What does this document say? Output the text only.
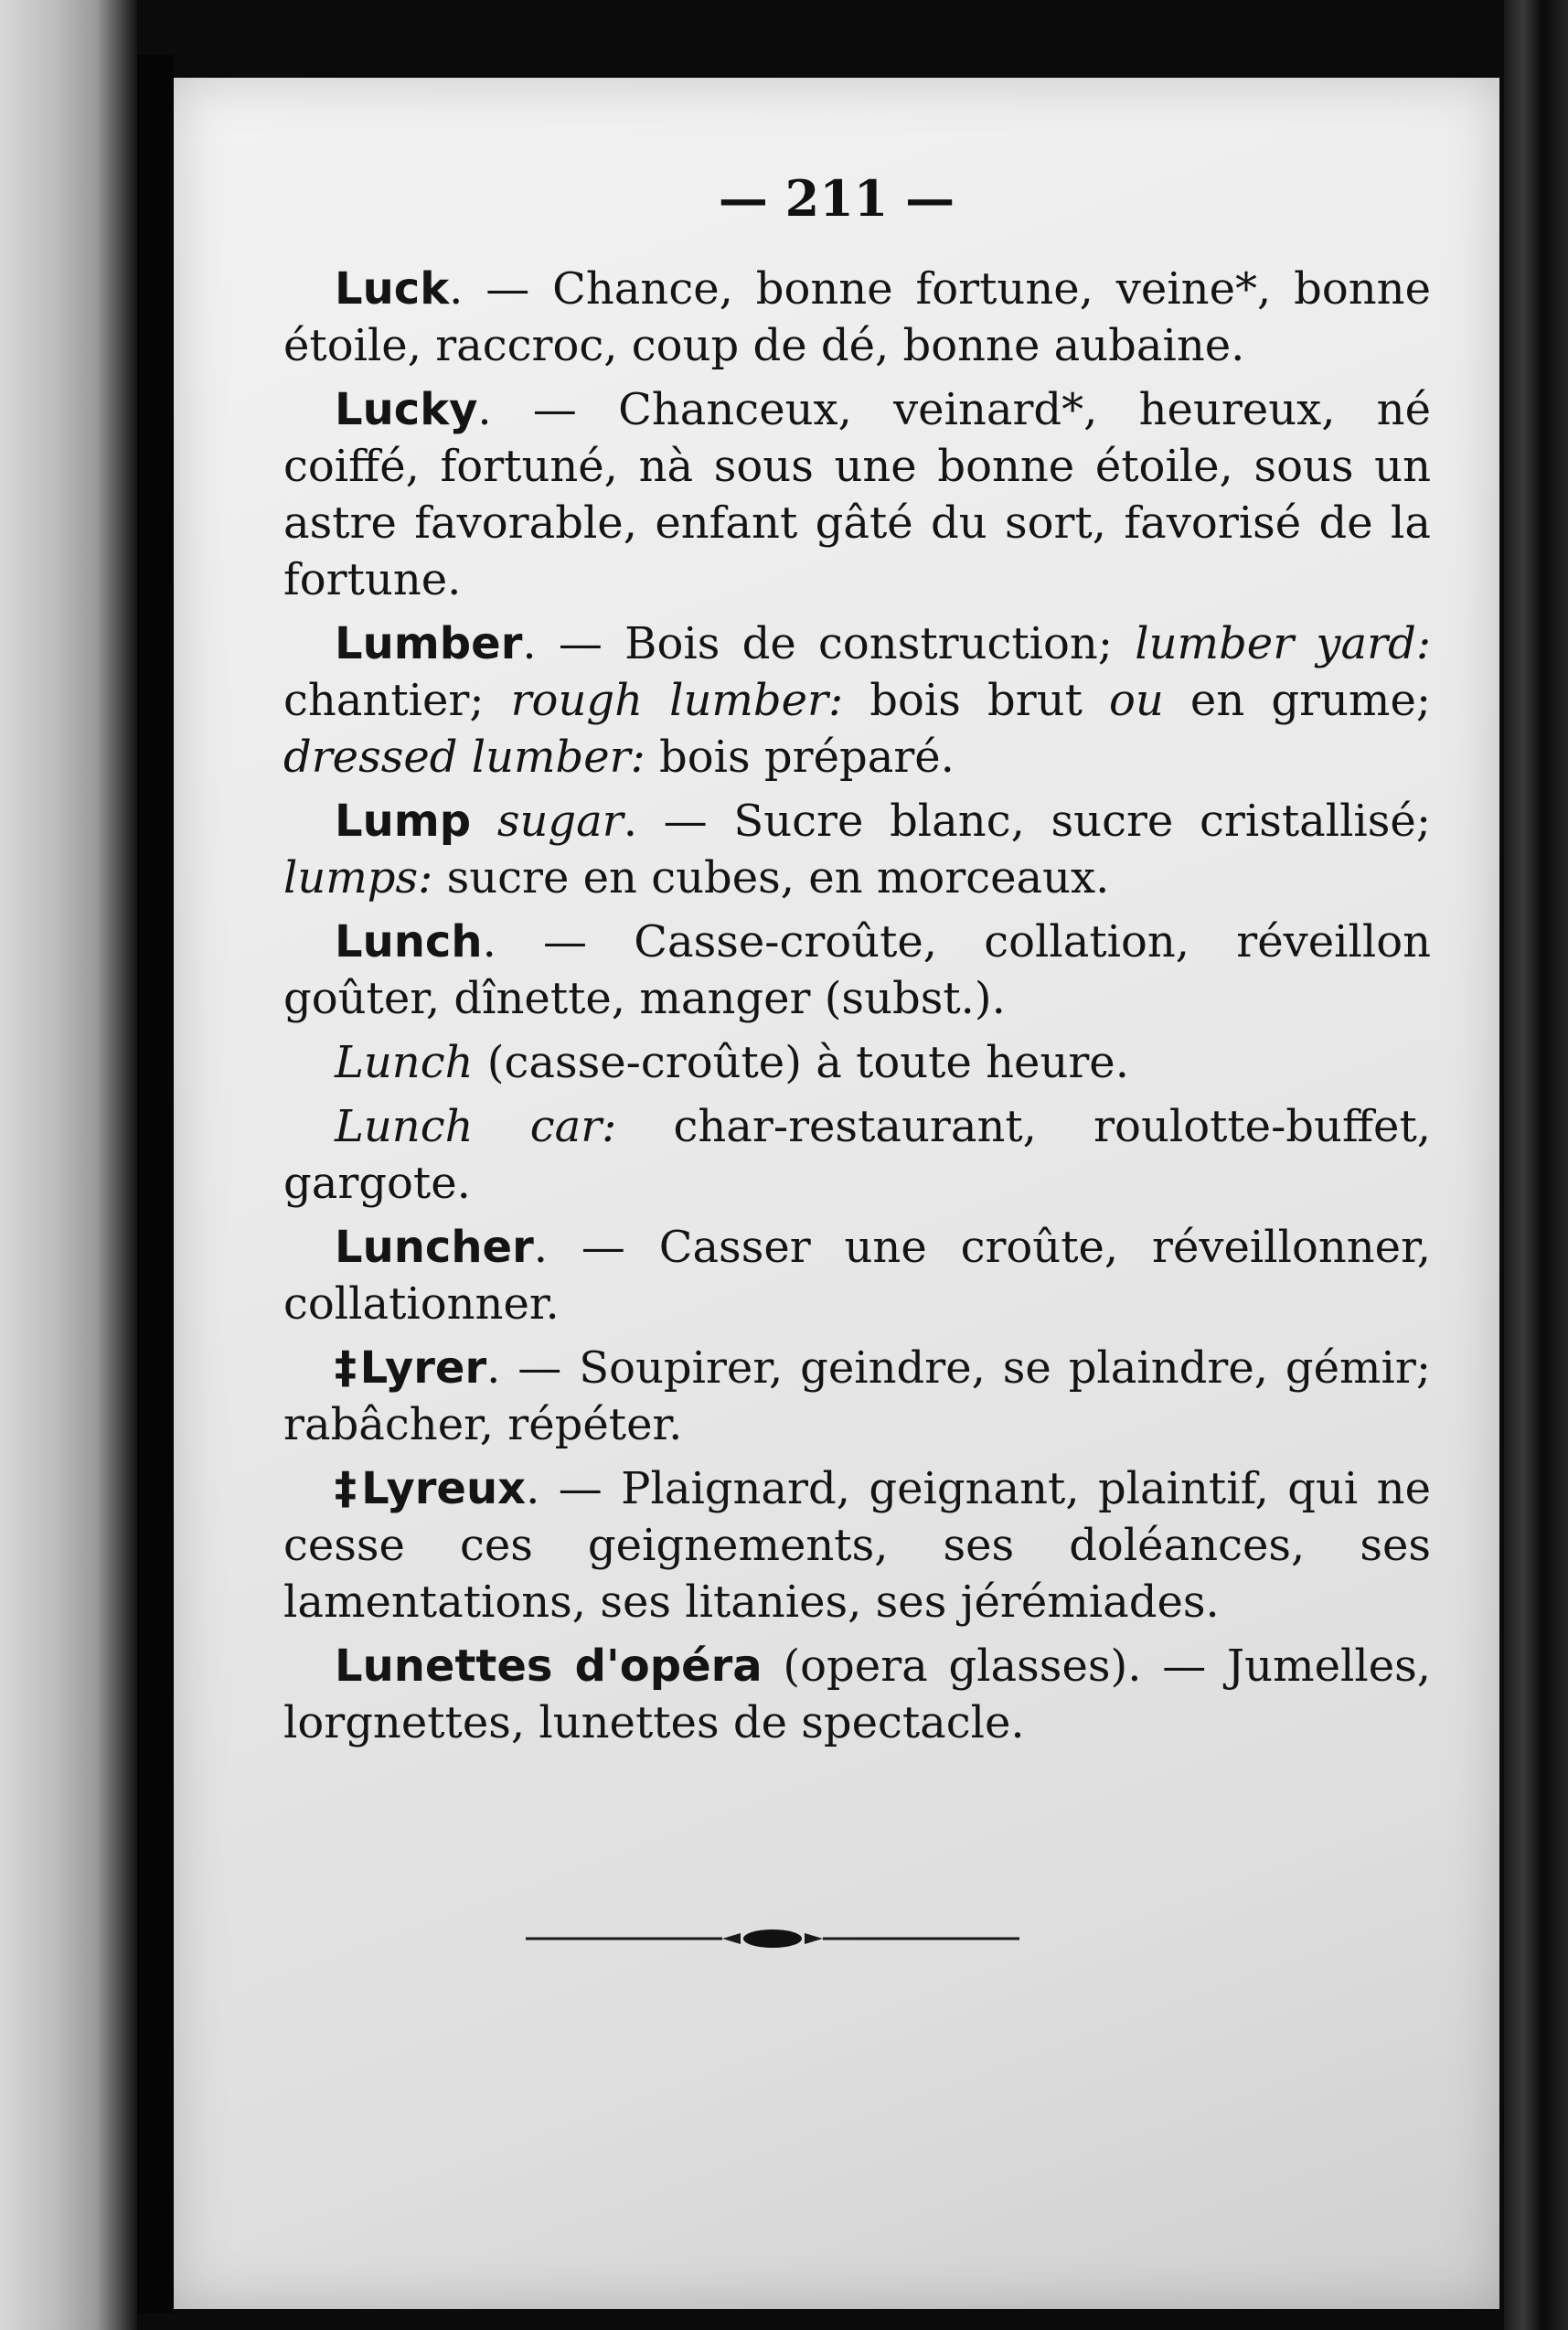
— 211 —

Luck. — Chance, bonne fortune, veine*, bonne étoile, raccroc, coup de dé, bonne aubaine.

Lucky. — Chanceux, veinard*, heureux, né coiffé, fortuné, nà sous une bonne étoile, sous un astre favorable, enfant gâté du sort, favorisé de la fortune.

Lumber. — Bois de construction; lumber yard: chantier; rough lumber: bois brut ou en grume; dressed lumber: bois préparé.

Lump sugar. — Sucre blanc, sucre cristallisé; lumps: sucre en cubes, en morceaux.

Lunch. — Casse-croûte, collation, réveillon goûter, dînette, manger (subst.).

Lunch (casse-croûte) à toute heure.

Lunch car: char-restaurant, roulotte-buffet, gargote.

Luncher. — Casser une croûte, réveillonner, collationner.

‡Lyrer. — Soupirer, geindre, se plaindre, gémir; rabâcher, répéter.

‡Lyreux. — Plaignard, geignant, plaintif, qui ne cesse ces geignements, ses doléances, ses lamentations, ses litanies, ses jérémiades.

Lunettes d'opéra (opera glasses). — Jumelles, lorgnettes, lunettes de spectacle.
